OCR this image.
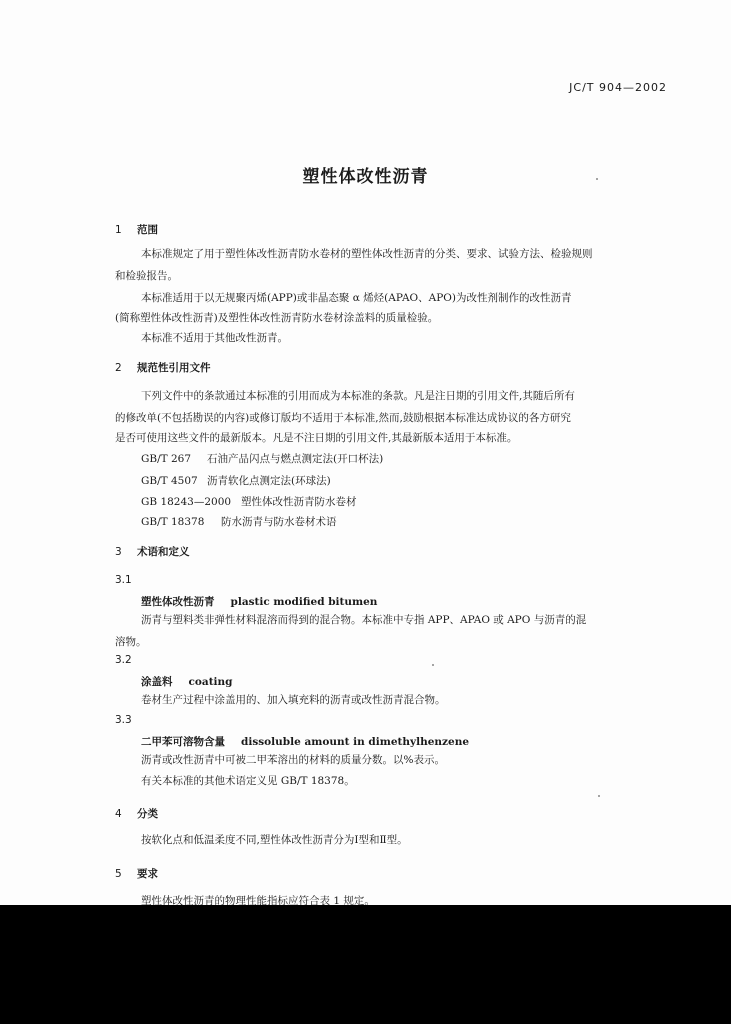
JC/T 904—2002
塑性体改性沥青
1 范围
本标准规定了用于塑性体改性沥青防水卷材的塑性体改性沥青的分类、要求、试验方法、检验规则
和检验报告。
本标准适用于以无规聚丙烯(APP)或非晶态聚 α 烯烃(APAO、APO)为改性剂制作的改性沥青
(简称塑性体改性沥青)及塑性体改性沥青防水卷材涂盖料的质量检验。
本标准不适用于其他改性沥青。
2 规范性引用文件
下列文件中的条款通过本标准的引用而成为本标准的条款。凡是注日期的引用文件,其随后所有
的修改单(不包括勘误的内容)或修订版均不适用于本标准,然而,鼓励根据本标准达成协议的各方研究
是否可使用这些文件的最新版本。凡是不注日期的引用文件,其最新版本适用于本标准。
GB/T 267 石油产品闪点与燃点测定法(开口杯法)
GB/T 4507 沥青软化点测定法(环球法)
GB 18243—2000 塑性体改性沥青防水卷材
GB/T 18378 防水沥青与防水卷材术语
3 术语和定义
3.1
塑性体改性沥青 plastic modified bitumen
沥青与塑料类非弹性材料混溶而得到的混合物。本标准中专指 APP、APAO 或 APO 与沥青的混
溶物。
3.2
涂盖料 coating
卷材生产过程中涂盖用的、加入填充料的沥青或改性沥青混合物。
3.3
二甲苯可溶物含量 dissoluble amount in dimethylhenzene
沥青或改性沥青中可被二甲苯溶出的材料的质量分数。以%表示。
有关本标准的其他术语定义见 GB/T 18378。
4 分类
按软化点和低温柔度不同,塑性体改性沥青分为Ⅰ型和Ⅱ型。
5 要求
塑性体改性沥青的物理性能指标应符合表 1 规定。
